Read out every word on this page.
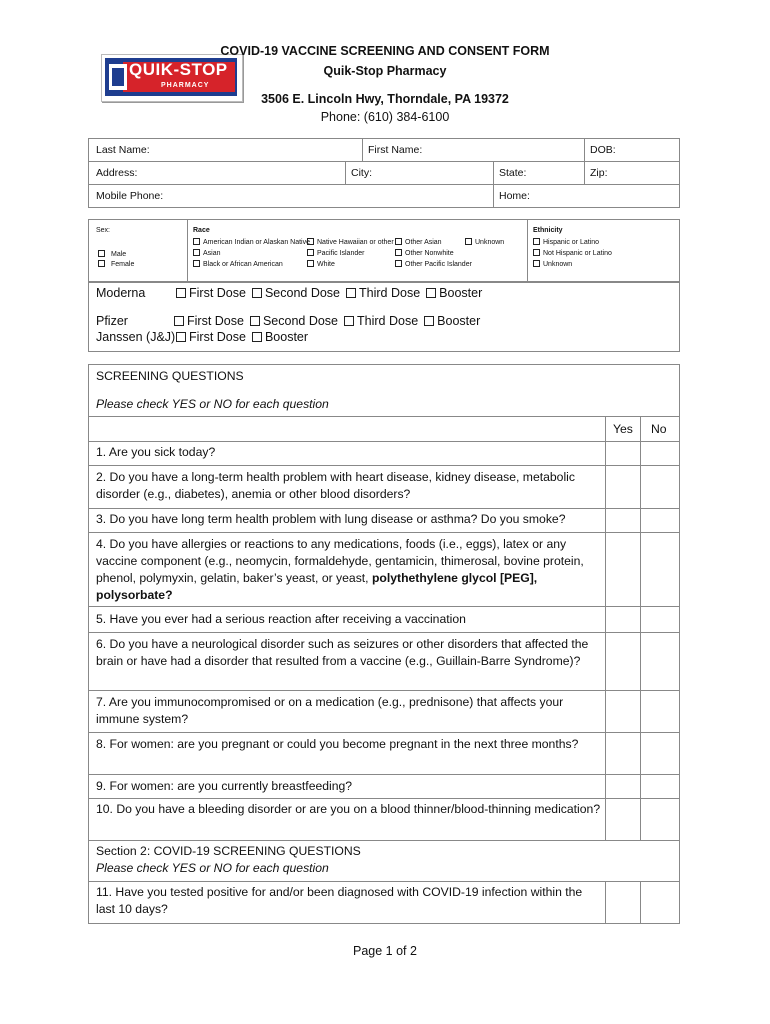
QUIK-STOP
PHARMACY
COVID-19 VACCINE SCREENING AND CONSENT FORM
Quik-Stop Pharmacy
3506 E. Lincoln Hwy, Thorndale, PA 19372
Phone: (610) 384-6100
Last Name:	First Name:	DOB:
Address:	City:	State:	Zip:
Mobile Phone:	Home:
Sex:
Male
Female
Race
American Indian or Alaskan Native
Asian
Black or African American
Native Hawaiian or other
Pacific Islander
White
Other Asian
Other Nonwhite
Other Pacific Islander
Unknown
Ethnicity
Hispanic or Latino
Not Hispanic or Latino
Unknown
Moderna	First Dose Second Dose Third Dose Booster
Pfizer	First Dose Second Dose Third Dose Booster
Janssen (J&J)	First Dose Booster
SCREENING QUESTIONS
Please check YES or NO for each question
Yes No
1. Are you sick today?
2. Do you have a long-term health problem with heart disease, kidney disease, metabolic disorder (e.g., diabetes), anemia or other blood disorders?
3. Do you have long term health problem with lung disease or asthma? Do you smoke?
4. Do you have allergies or reactions to any medications, foods (i.e., eggs), latex or any vaccine component (e.g., neomycin, formaldehyde, gentamicin, thimerosal, bovine protein, phenol, polymyxin, gelatin, baker’s yeast, or yeast, polythethylene glycol [PEG], polysorbate?
5. Have you ever had a serious reaction after receiving a vaccination
6. Do you have a neurological disorder such as seizures or other disorders that affected the brain or have had a disorder that resulted from a vaccine (e.g., Guillain-Barre Syndrome)?
7. Are you immunocompromised or on a medication (e.g., prednisone) that affects your immune system?
8. For women: are you pregnant or could you become pregnant in the next three months?
9. For women: are you currently breastfeeding?
10. Do you have a bleeding disorder or are you on a blood thinner/blood-thinning medication?
Section 2: COVID-19 SCREENING QUESTIONS
Please check YES or NO for each question
11. Have you tested positive for and/or been diagnosed with COVID-19 infection within the last 10 days?
Page 1 of 2
